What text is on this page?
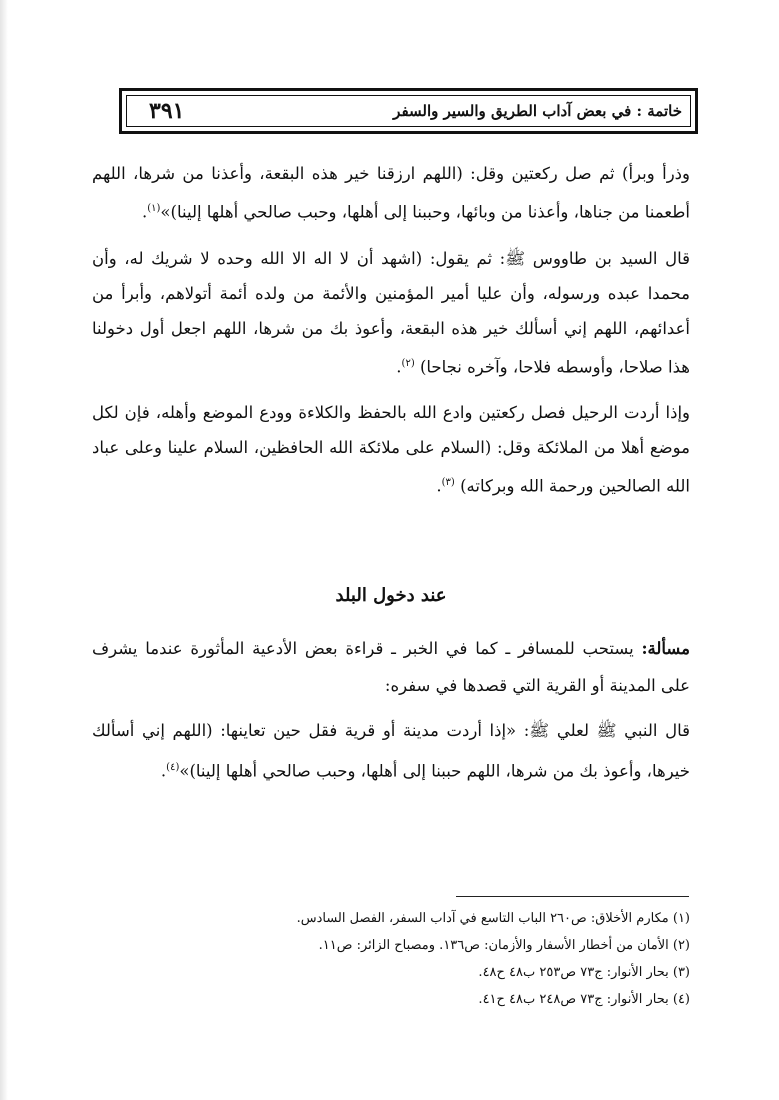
خاتمة : في بعض آداب الطريق والسير والسفر
٣٩١

وذرأ وبرأ) ثم صل ركعتين وقل: (اللهم ارزقنا خير هذه البقعة، وأعذنا من شرها، اللهم أطعمنا من جناها، وأعذنا من وبائها، وحببنا إلى أهلها، وحبب صالحي أهلها إلينا)»$^{(١)}$.

قال السيد بن طاووس ﷺ: ثم يقول: (اشهد أن لا اله الا الله وحده لا شريك له، وأن محمدا عبده ورسوله، وأن عليا أمير المؤمنين والأئمة من ولده أئمة أتولاهم، وأبرأ من أعدائهم، اللهم إني أسألك خير هذه البقعة، وأعوذ بك من شرها، اللهم اجعل أول دخولنا هذا صلاحا، وأوسطه فلاحا، وآخره نجاحا) $^{(٢)}$.

وإذا أردت الرحيل فصل ركعتين وادع الله بالحفظ والكلاءة وودع الموضع وأهله، فإن لكل موضع أهلا من الملائكة وقل: (السلام على ملائكة الله الحافظين، السلام علينا وعلى عباد الله الصالحين ورحمة الله وبركاته) $^{(٣)}$.

عند دخول البلد

مسألة: يستحب للمسافر ـ كما في الخبر ـ قراءة بعض الأدعية المأثورة عندما يشرف على المدينة أو القرية التي قصدها في سفره:

قال النبي ﷺ لعلي ﷺ: «إذا أردت مدينة أو قرية فقل حين تعاينها: (اللهم إني أسألك خيرها، وأعوذ بك من شرها، اللهم حببنا إلى أهلها، وحبب صالحي أهلها إلينا)»$^{(٤)}$.

(١) مكارم الأخلاق: ص٢٦٠ الباب التاسع في آداب السفر، الفصل السادس.
(٢) الأمان من أخطار الأسفار والأزمان: ص١٣٦. ومصباح الزائر: ص١١.
(٣) بحار الأنوار: ج٧٣ ص٢٥٣ ب٤٨ ح٤٨.
(٤) بحار الأنوار: ج٧٣ ص٢٤٨ ب٤٨ ح٤١.
